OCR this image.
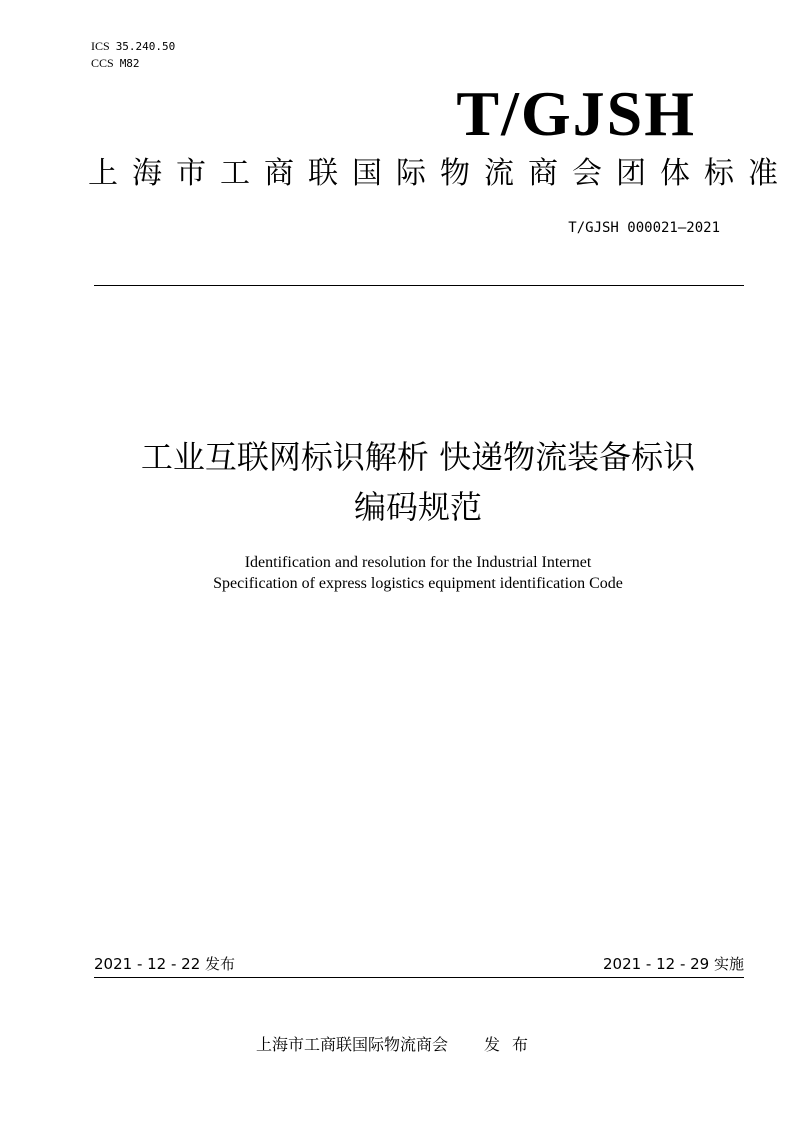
ICS 35.240.50
CCS M82
T/GJSH
上海市工商联国际物流商会团体标准
T/GJSH 000021—2021
工业互联网标识解析 快递物流装备标识
编码规范
Identification and resolution for the Industrial Internet
Specification of express logistics equipment identification Code
2021 - 12 - 22 发布	2021 - 12 - 29 实施
上海市工商联国际物流商会 发布
